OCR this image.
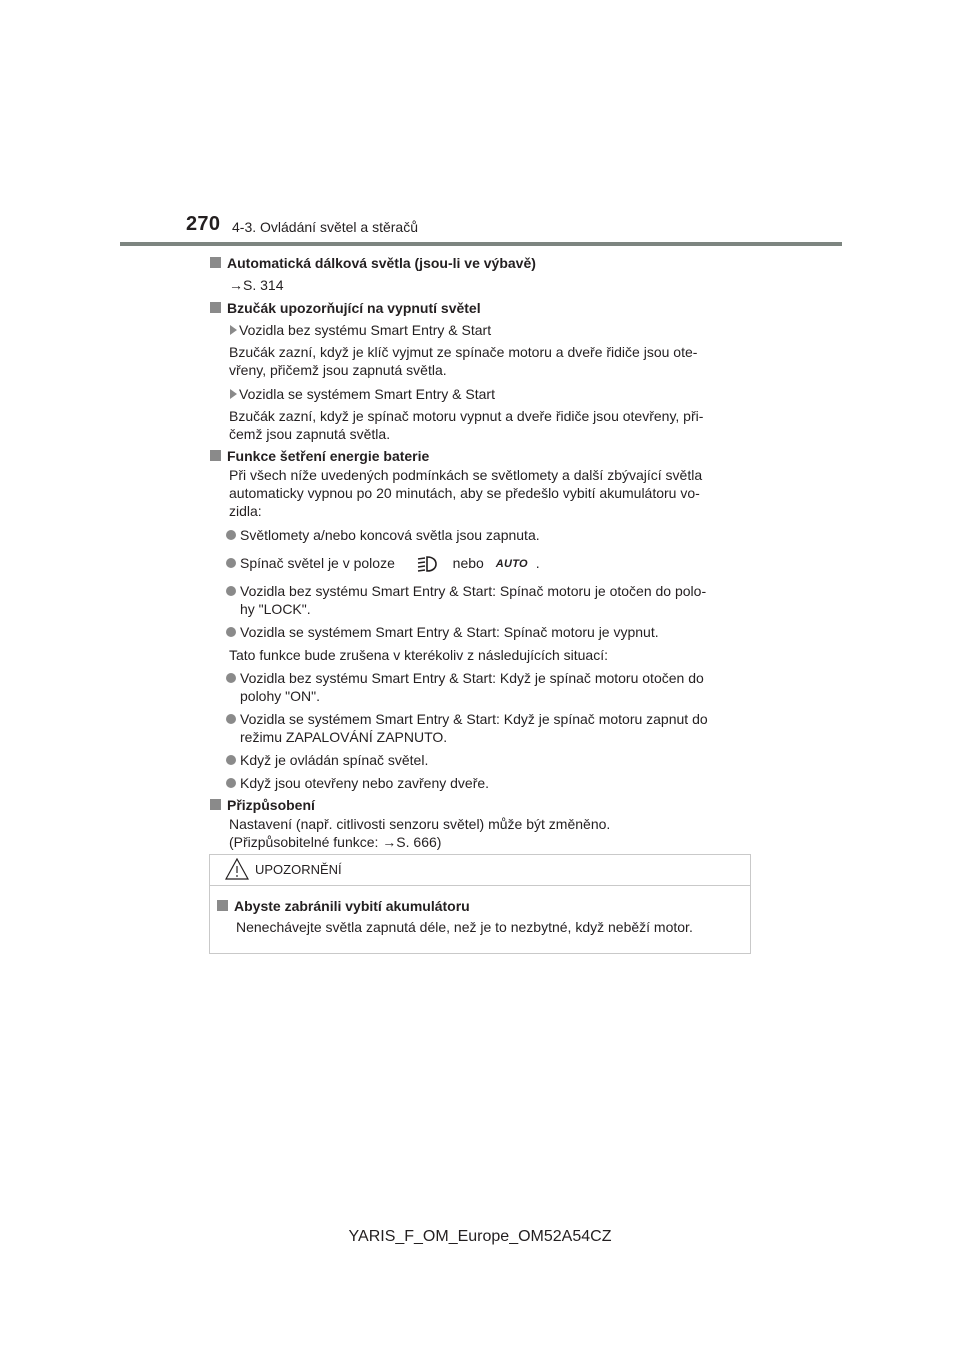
270 4-3. Ovládání světel a stěračů
Automatická dálková světla (jsou-li ve výbavě)
→S. 314
Bzučák upozorňující na vypnutí světel
Vozidla bez systému Smart Entry & Start
Bzučák zazní, když je klíč vyjmut ze spínače motoru a dveře řidiče jsou ote-
vřeny, přičemž jsou zapnutá světla.
Vozidla se systémem Smart Entry & Start
Bzučák zazní, když je spínač motoru vypnut a dveře řidiče jsou otevřeny, při-
čemž jsou zapnutá světla.
Funkce šetření energie baterie
Při všech níže uvedených podmínkách se světlomety a další zbývající světla
automaticky vypnou po 20 minutách, aby se předešlo vybití akumulátoru vo-
zidla:
Světlomety a/nebo koncová světla jsou zapnuta.
Spínač světel je v poloze	nebo AUTO .
Vozidla bez systému Smart Entry & Start: Spínač motoru je otočen do polo-
hy "LOCK".
Vozidla se systémem Smart Entry & Start: Spínač motoru je vypnut.
Tato funkce bude zrušena v kterékoliv z následujících situací:
Vozidla bez systému Smart Entry & Start: Když je spínač motoru otočen do
polohy "ON".
Vozidla se systémem Smart Entry & Start: Když je spínač motoru zapnut do
režimu ZAPALOVÁNÍ ZAPNUTO.
Když je ovládán spínač světel.
Když jsou otevřeny nebo zavřeny dveře.
Přizpůsobení
Nastavení (např. citlivosti senzoru světel) může být změněno.
(Přizpůsobitelné funkce: →S. 666)
UPOZORNĚNÍ
Abyste zabránili vybití akumulátoru
Nenechávejte světla zapnutá déle, než je to nezbytné, když neběží motor.
YARIS_F_OM_Europe_OM52A54CZ
